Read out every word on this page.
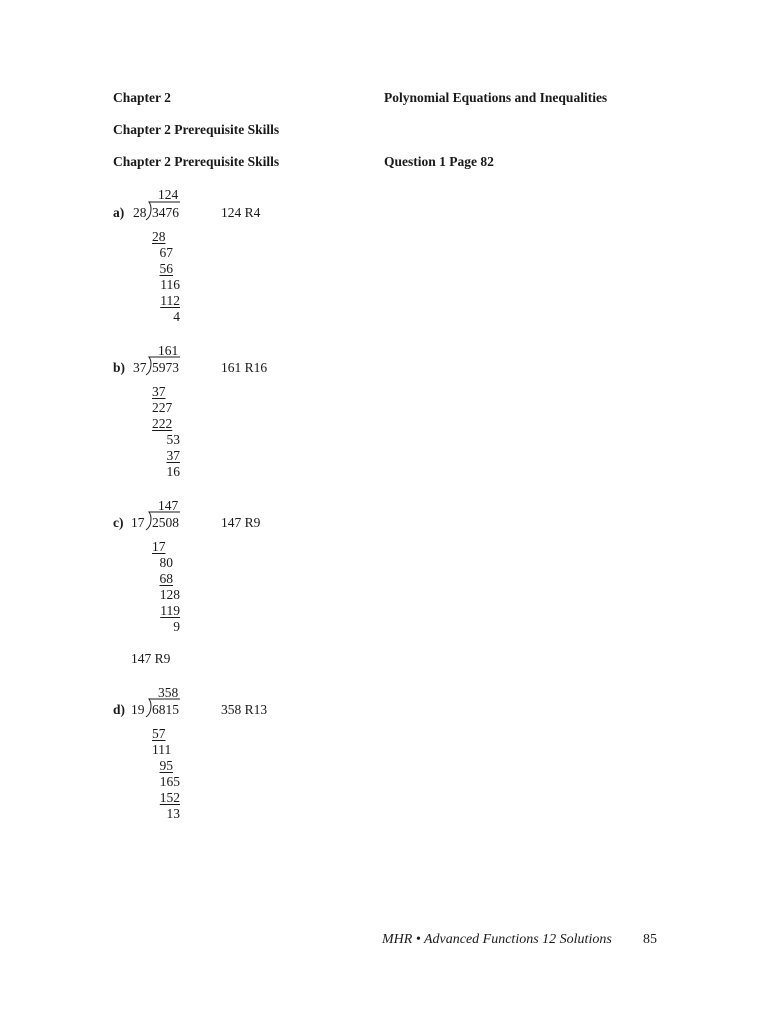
Chapter 2	Polynomial Equations and Inequalities
Chapter 2 Prerequisite Skills
Chapter 2 Prerequisite Skills	Question 1 Page 82
124
a) 28 3476	124 R4
28
67
56
116
112
4
161
b) 37 5973	161 R16
37
227
222
53
37
16
147
c) 17 2508	147 R9
17
80
68
128
119
9
147 R9
358
d) 19 6815	358 R13
57
111
95
165
152
13
MHR • Advanced Functions 12 Solutions 85
